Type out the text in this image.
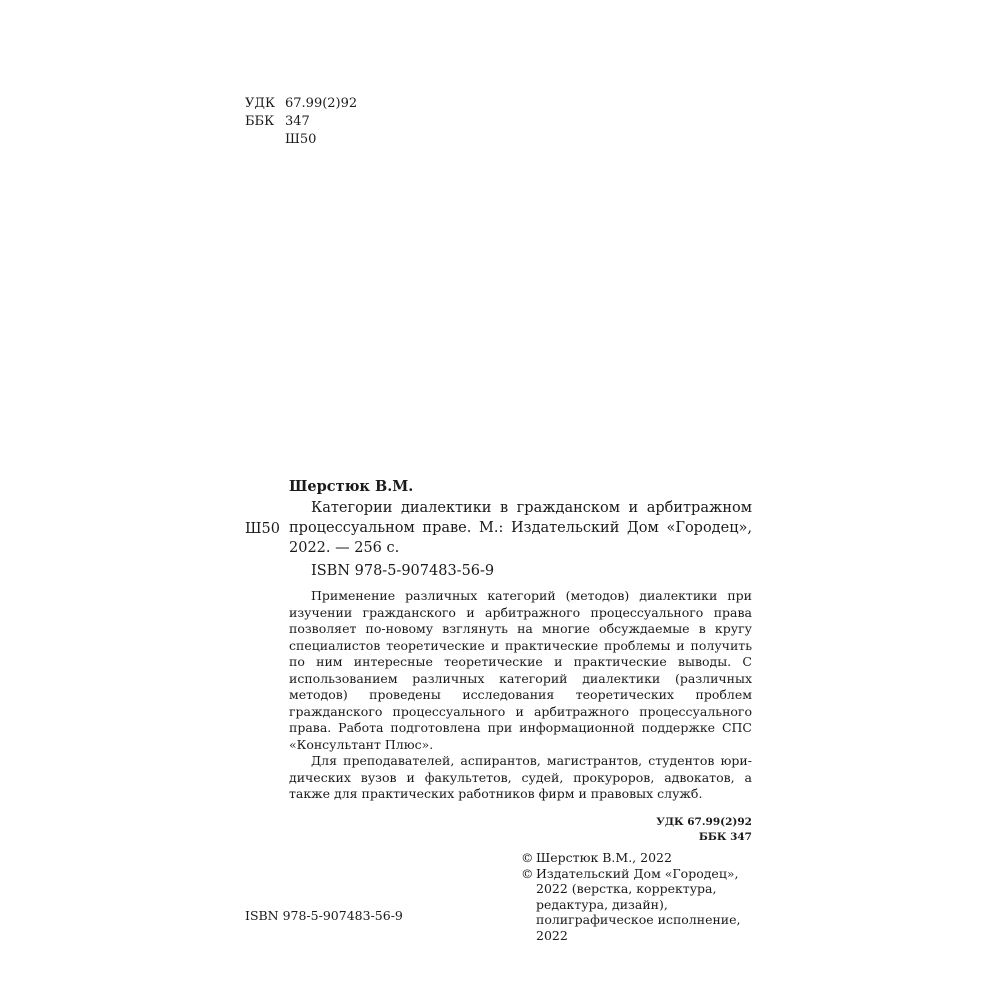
УДК 67.99(2)92
ББК 347
Ш50
Шерстюк В.М.
Ш50
Категории диалектики в гражданском и арбитражном процессуальном праве. М.: Издательский Дом «Городец», 2022. — 256 с.
ISBN 978-5-907483-56-9

Применение различных категорий (методов) диалектики при изучении гражданского и арбитражного процессуального права позволяет по-новому взглянуть на многие обсуждаемые в кругу специалистов теоретические и практические проблемы и получить по ним интересные теоретические и практические выводы. С использованием различных категорий диалектики (различных методов) проведены исследования теоретических проблем гражданского процессуального и арбитражного процессуального права. Работа подготовлена при информационной поддержке СПС «Консультант Плюс».

Для преподавателей, аспирантов, магистрантов, студентов юридических вузов и факультетов, судей, прокуроров, адвокатов, а также для практических работников фирм и правовых служб.

УДК 67.99(2)92
ББК 347
© Шерстюк В.М., 2022
© Издательский Дом «Городец», 2022 (верстка, корректура, редактура, дизайн), полиграфическое исполнение, 2022
ISBN 978-5-907483-56-9
